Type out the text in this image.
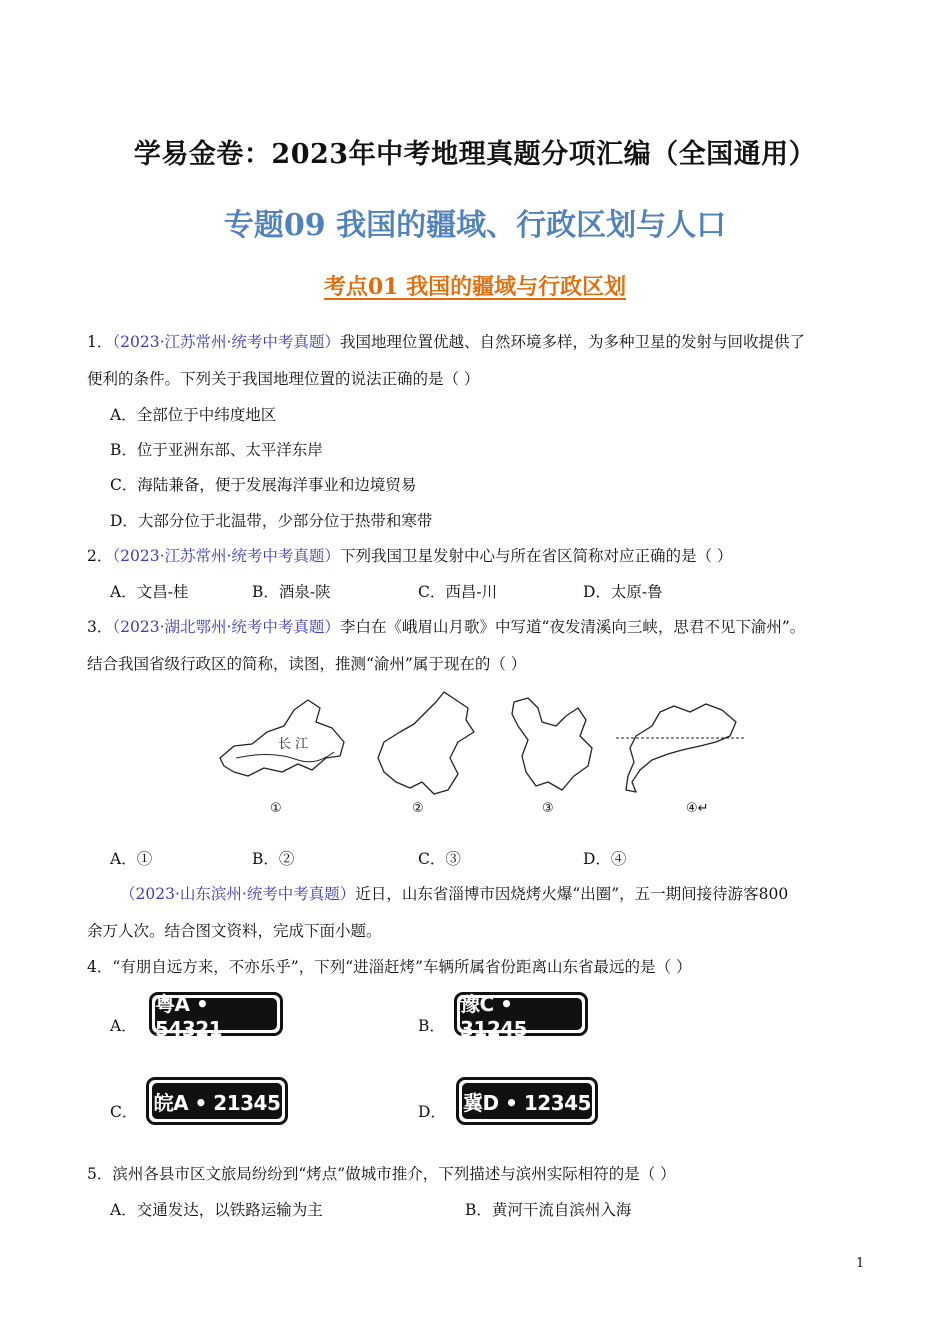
学易金卷：2023年中考地理真题分项汇编（全国通用）
专题09 我国的疆域、行政区划与人口
考点01 我国的疆域与行政区划
1．（2023·江苏常州·统考中考真题）我国地理位置优越、自然环境多样，为多种卫星的发射与回收提供了
便利的条件。下列关于我国地理位置的说法正确的是（ ）
A．全部位于中纬度地区
B．位于亚洲东部、太平洋东岸
C．海陆兼备，便于发展海洋事业和边境贸易
D．大部分位于北温带，少部分位于热带和寒带
2．（2023·江苏常州·统考中考真题）下列我国卫星发射中心与所在省区简称对应正确的是（ ）
A．文昌-桂	B．酒泉-陕	C．西昌-川	D．太原-鲁
3．（2023·湖北鄂州·统考中考真题）李白在《峨眉山月歌》中写道“夜发清溪向三峡，思君不见下渝州”。
结合我国省级行政区的简称，读图，推测“渝州”属于现在的（ ）
长 江
①	②	③	④↵
A．①	B．②	C．③	D．④
（2023·山东滨州·统考中考真题）近日，山东省淄博市因烧烤火爆“出圈”，五一期间接待游客800
余万人次。结合图文资料，完成下面小题。
4．“有朋自远方来，不亦乐乎”，下列“进淄赶烤”车辆所属省份距离山东省最远的是（ ）
A．
粤A • 54321	B．
豫C • 31245
C． 皖A • 21345	D． 冀D • 12345
5．滨州各县市区文旅局纷纷到“烤点”做城市推介，下列描述与滨州实际相符的是（ ）
A．交通发达，以铁路运输为主	B．黄河干流自滨州入海
1
